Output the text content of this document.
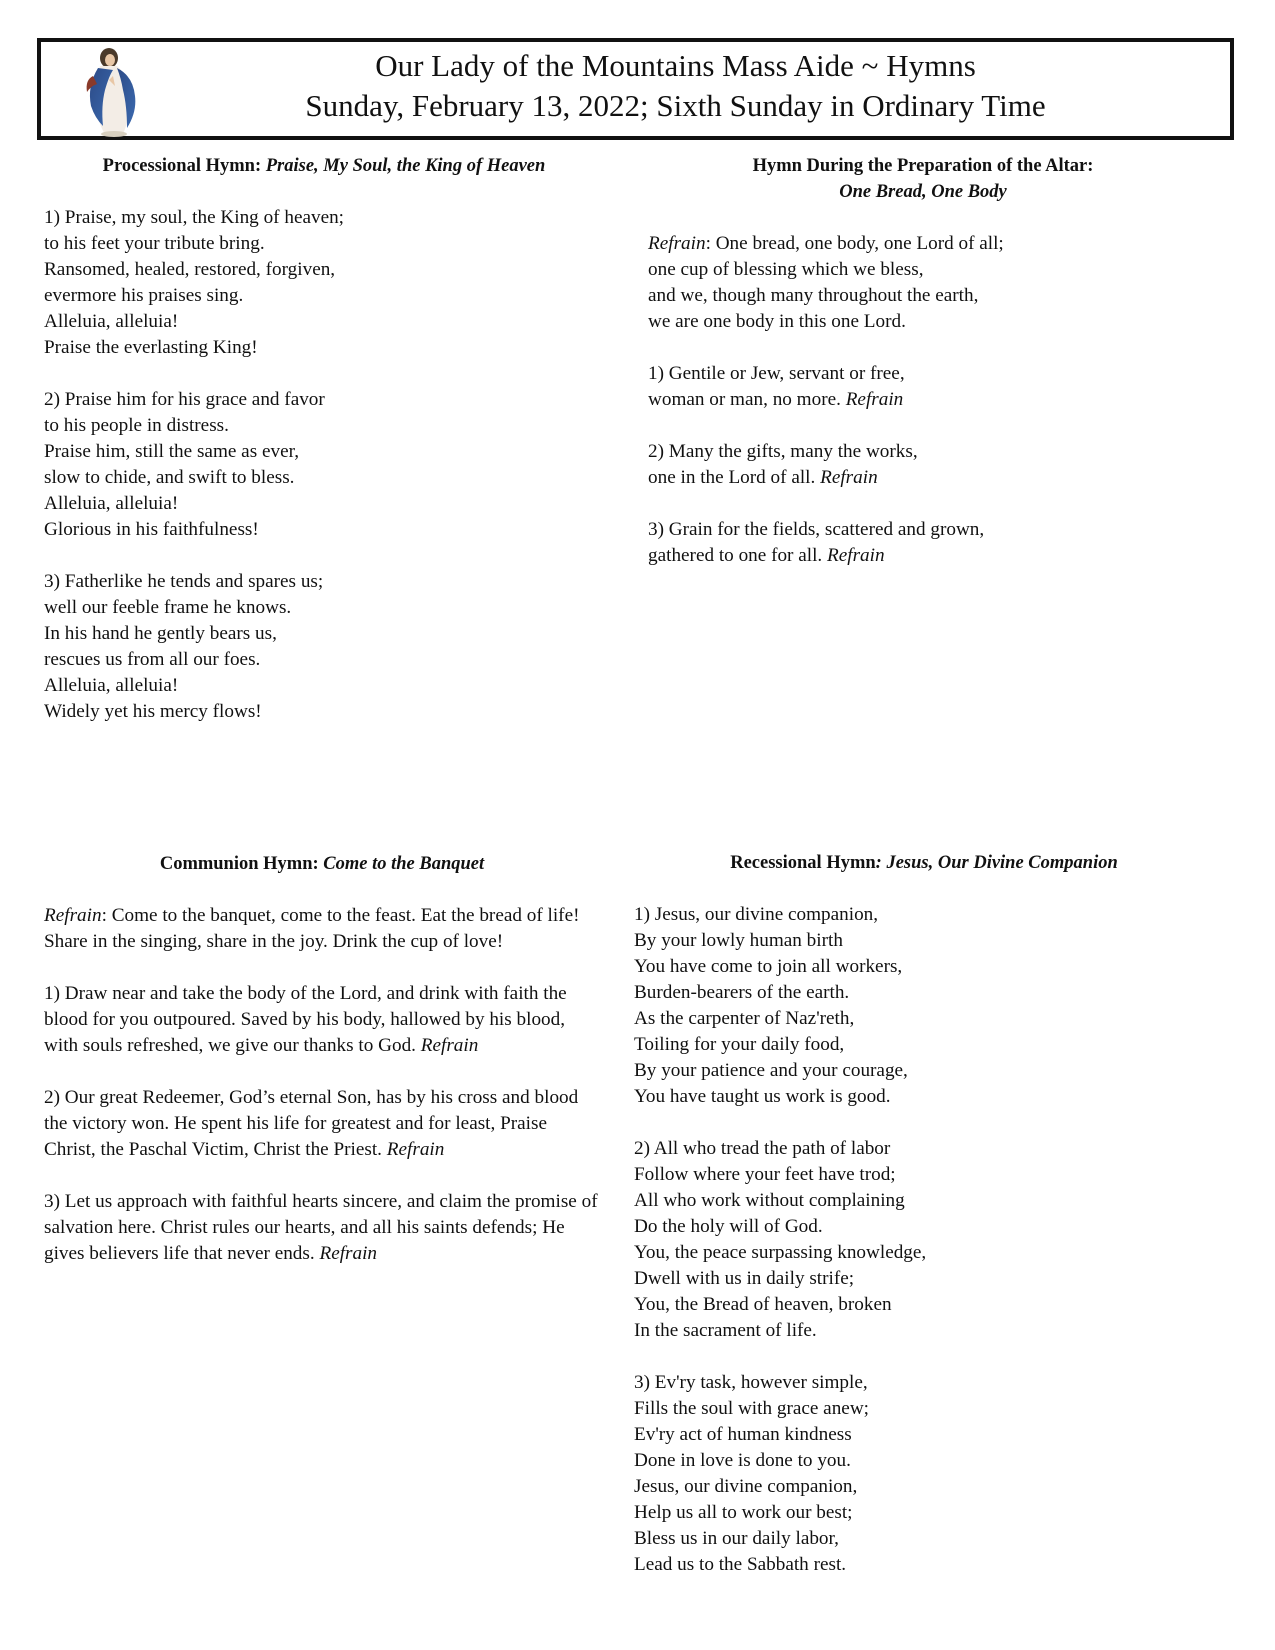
Our Lady of the Mountains Mass Aide ~ Hymns
Sunday, February 13, 2022; Sixth Sunday in Ordinary Time
Processional Hymn: Praise, My Soul, the King of Heaven
1) Praise, my soul, the King of heaven;
to his feet your tribute bring.
Ransomed, healed, restored, forgiven,
evermore his praises sing.
Alleluia, alleluia!
Praise the everlasting King!
2) Praise him for his grace and favor
to his people in distress.
Praise him, still the same as ever,
slow to chide, and swift to bless.
Alleluia, alleluia!
Glorious in his faithfulness!
3) Fatherlike he tends and spares us;
well our feeble frame he knows.
In his hand he gently bears us,
rescues us from all our foes.
Alleluia, alleluia!
Widely yet his mercy flows!
Hymn During the Preparation of the Altar:
One Bread, One Body
Refrain: One bread, one body, one Lord of all;
one cup of blessing which we bless,
and we, though many throughout the earth,
we are one body in this one Lord.
1) Gentile or Jew, servant or free,
woman or man, no more. Refrain
2) Many the gifts, many the works,
one in the Lord of all. Refrain
3) Grain for the fields, scattered and grown,
gathered to one for all. Refrain
Communion Hymn: Come to the Banquet
Refrain: Come to the banquet, come to the feast. Eat the bread of life! Share in the singing, share in the joy. Drink the cup of love!
1) Draw near and take the body of the Lord, and drink with faith the blood for you outpoured. Saved by his body, hallowed by his blood, with souls refreshed, we give our thanks to God. Refrain
2) Our great Redeemer, God’s eternal Son, has by his cross and blood the victory won. He spent his life for greatest and for least, Praise Christ, the Paschal Victim, Christ the Priest. Refrain
3) Let us approach with faithful hearts sincere, and claim the promise of salvation here. Christ rules our hearts, and all his saints defends; He gives believers life that never ends. Refrain
Recessional Hymn: Jesus, Our Divine Companion
1) Jesus, our divine companion,
By your lowly human birth
You have come to join all workers,
Burden-bearers of the earth.
As the carpenter of Naz'reth,
Toiling for your daily food,
By your patience and your courage,
You have taught us work is good.
2) All who tread the path of labor
Follow where your feet have trod;
All who work without complaining
Do the holy will of God.
You, the peace surpassing knowledge,
Dwell with us in daily strife;
You, the Bread of heaven, broken
In the sacrament of life.
3) Ev'ry task, however simple,
Fills the soul with grace anew;
Ev'ry act of human kindness
Done in love is done to you.
Jesus, our divine companion,
Help us all to work our best;
Bless us in our daily labor,
Lead us to the Sabbath rest.
